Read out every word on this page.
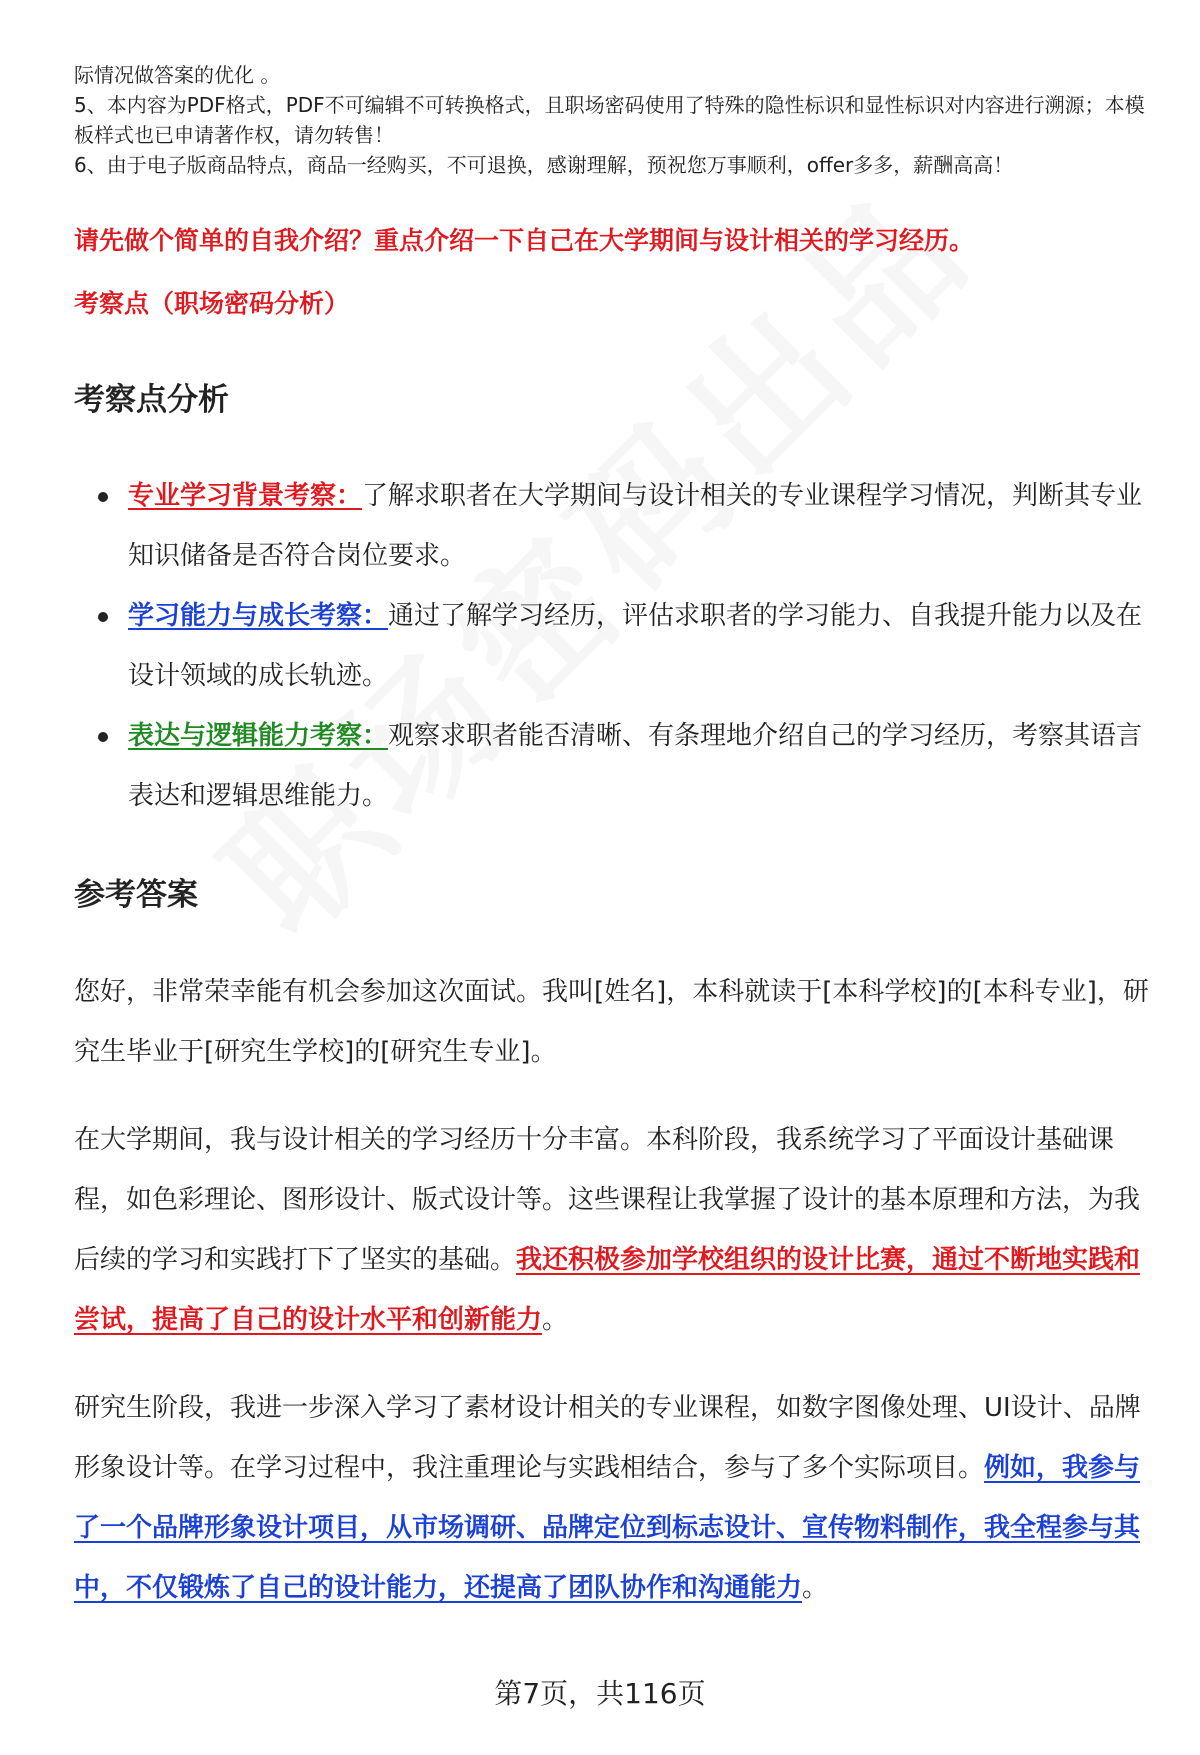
际情况做答案的优化 。

5、本内容为PDF格式，PDF不可编辑不可转换格式，且职场密码使用了特殊的隐性标识和显性标识对内容进行溯源；本模板样式也已申请著作权，请勿转售！

6、由于电子版商品特点，商品一经购买，不可退换，感谢理解，预祝您万事顺利，offer多多，薪酬高高！

请先做个简单的自我介绍？重点介绍一下自己在大学期间与设计相关的学习经历。
考察点（职场密码分析）
考察点分析
专业学习背景考察：了解求职者在大学期间与设计相关的专业课程学习情况，判断其专业知识储备是否符合岗位要求。
学习能力与成长考察：通过了解学习经历，评估求职者的学习能力、自我提升能力以及在设计领域的成长轨迹。
表达与逻辑能力考察：观察求职者能否清晰、有条理地介绍自己的学习经历，考察其语言表达和逻辑思维能力。
参考答案

您好，非常荣幸能有机会参加这次面试。我叫[姓名]，本科就读于[本科学校]的[本科专业]，研究生毕业于[研究生学校]的[研究生专业]。

在大学期间，我与设计相关的学习经历十分丰富。本科阶段，我系统学习了平面设计基础课程，如色彩理论、图形设计、版式设计等。这些课程让我掌握了设计的基本原理和方法，为我后续的学习和实践打下了坚实的基础。我还积极参加学校组织的设计比赛，通过不断地实践和尝试，提高了自己的设计水平和创新能力。

研究生阶段，我进一步深入学习了素材设计相关的专业课程，如数字图像处理、UI设计、品牌形象设计等。在学习过程中，我注重理论与实践相结合，参与了多个实际项目。例如，我参与了一个品牌形象设计项目，从市场调研、品牌定位到标志设计、宣传物料制作，我全程参与其中，不仅锻炼了自己的设计能力，还提高了团队协作和沟通能力。

第7页，共116页
